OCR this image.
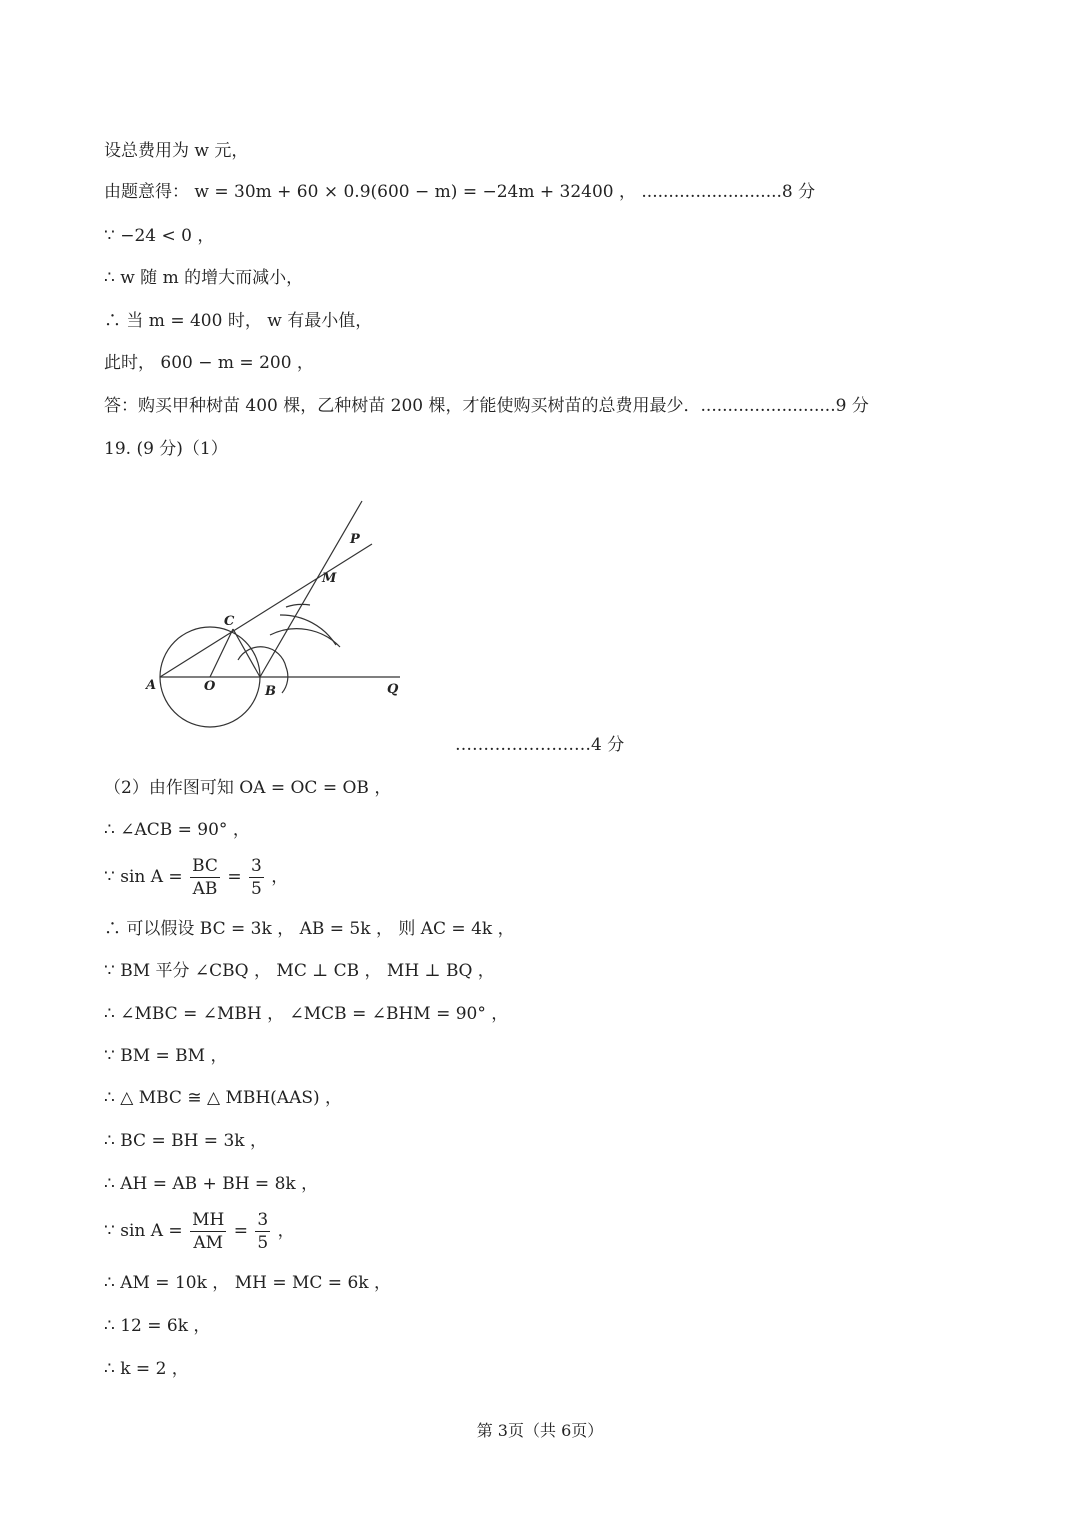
设总费用为 w 元，
由题意得： w = 30m + 60 × 0.9(600 − m) = −24m + 32400 ， ..........................8 分
∵ −24 < 0 ，
∴ w 随 m 的增大而减小，
∴ 当 m = 400 时， w 有最小值，
此时， 600 − m = 200 ，
答：购买甲种树苗 400 棵，乙种树苗 200 棵，才能使购买树苗的总费用最少．.........................9 分
19. (9 分)（1）
P
M
C
A	O	B	Q
……………………4 分
（2）由作图可知 OA = OC = OB ，
∴ ∠ACB = 90° ，
∵ $\sin A = \frac{BC}{AB} = \frac{3}{5}$ ，
∴ 可以假设 BC = 3k ， AB = 5k ， 则 AC = 4k ，
∵ BM 平分 ∠CBQ ， MC ⊥ CB ， MH ⊥ BQ ，
∴ ∠MBC = ∠MBH ， ∠MCB = ∠BHM = 90° ，
∵ BM = BM ，
∴ △ MBC ≅ △ MBH(AAS) ，
∴ BC = BH = 3k ，
∴ AH = AB + BH = 8k ，
∵ $\sin A = \frac{MH}{AM} = \frac{3}{5}$ ，
∴ AM = 10k ， MH = MC = 6k ，
∴ 12 = 6k ，
∴ k = 2 ，
第 3页（共 6页）
